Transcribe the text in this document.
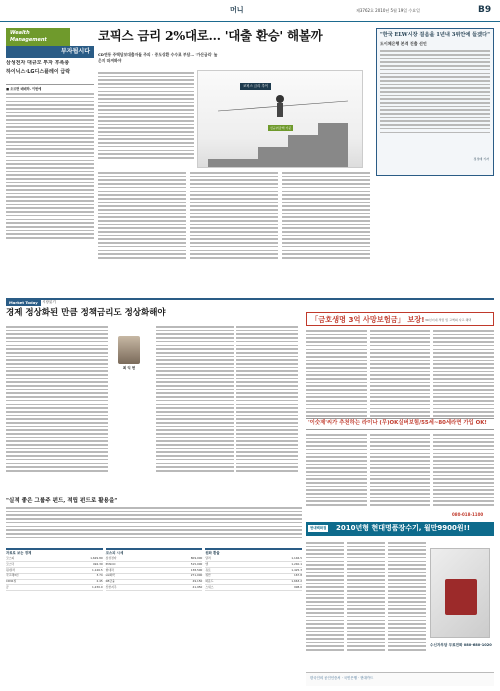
머니	제3762호 2010년 5월 19일 수요일	B9
Wealth Management
부자됩시다
삼성전자 대규모 투자 후폭풍
하이닉스·LG디스플레이 급락
■ 오르면 매매하. 이번에
코픽스 금리 2%대로… '대출 환승' 해볼까
CD연동 주택담보대출자들 주의 · 중도상환 수수료 부담… '가산금리' 높은지 따져봐야
코픽스 금리 추이
신규취급액 기준
"한국 ELW시장 걸음을 1년내 3위안에 들겠다"
도이체은행 본격 진출 선언
정성태 기자
Market Today	시장읽기
경제 정상화된 만큼 정책금리도 정상화해야
최 익 현
"실적 좋은 그룹주 펀드, 적립 펀드로 활용을"
자료로 보는 경제
코스피	1,629.89
코스닥	494.39
원/달러	1,146.5
국고채3년	3.74
CD91일	2.45
금	1,230.0
코스피 시세
삼성전자	809,000
POSCO	515,000
현대차	138,500
LG화학	271,000
KB금융	49,150
신한지주	41,950
원화 환율
달러	1,146.5
엔	1,240.1
유로	1,425.3
위안	167.8
파운드	1,663.2
스위스	998.0
「금호생명 3억 사망보험금」 보장! 30년이내 적립 및 고액의 사고 혜택
'이숫제'씨가 추천하는 라이나 (무)OK실버보험/55세~80세라면 가입 OK!
080-018-1100
현대백화점 2010년형 현대명품장수기, 월만9900원!!
수신자부담 무료전화 080-680-1020
한국인의 공인인증서 · 국민은행 · 현대카드
